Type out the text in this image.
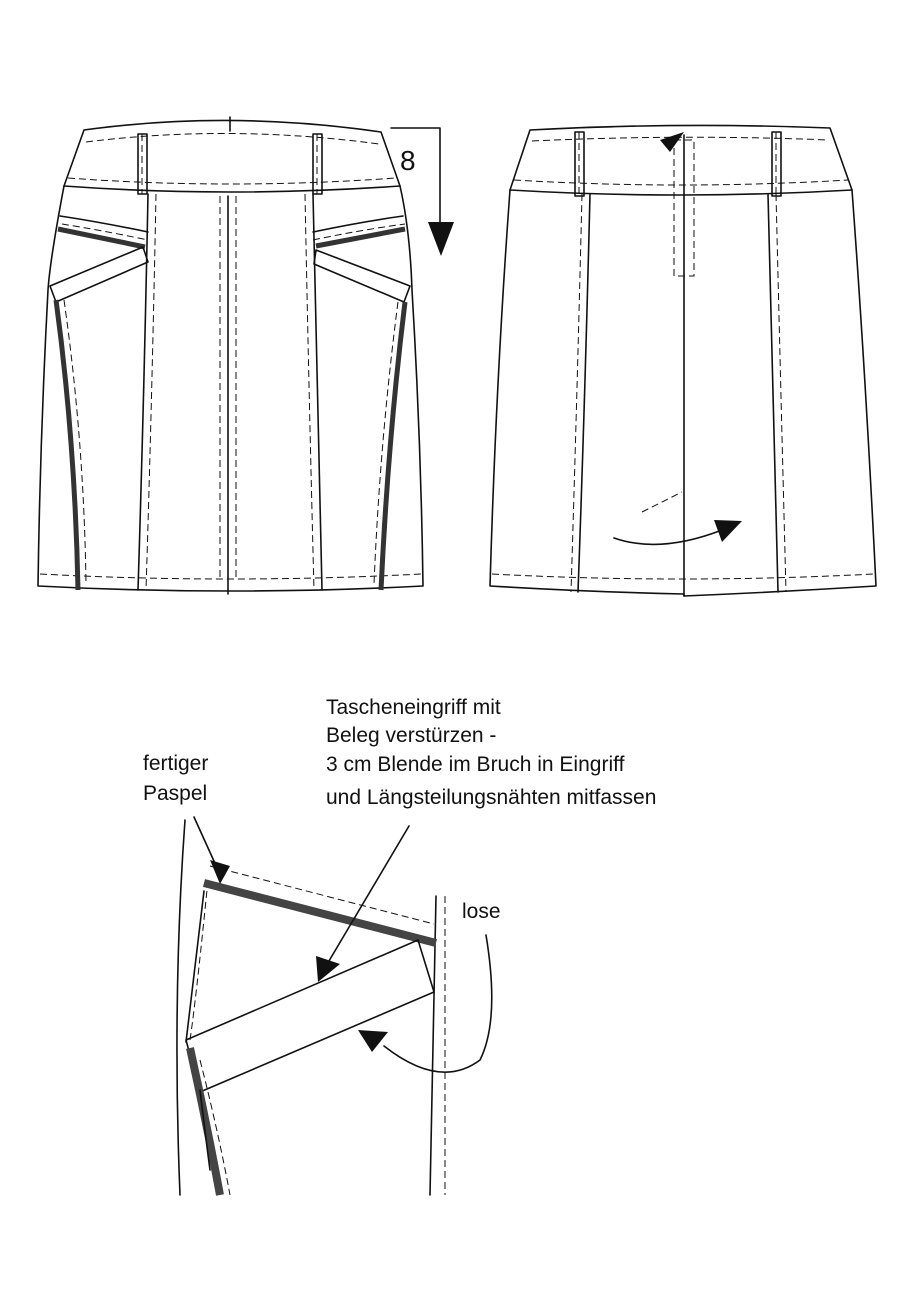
8
Tascheneingriff mit
Beleg verstürzen -
3 cm Blende im Bruch in Eingriff
und Längsteilungsnähten mitfassen
fertiger
Paspel
lose
